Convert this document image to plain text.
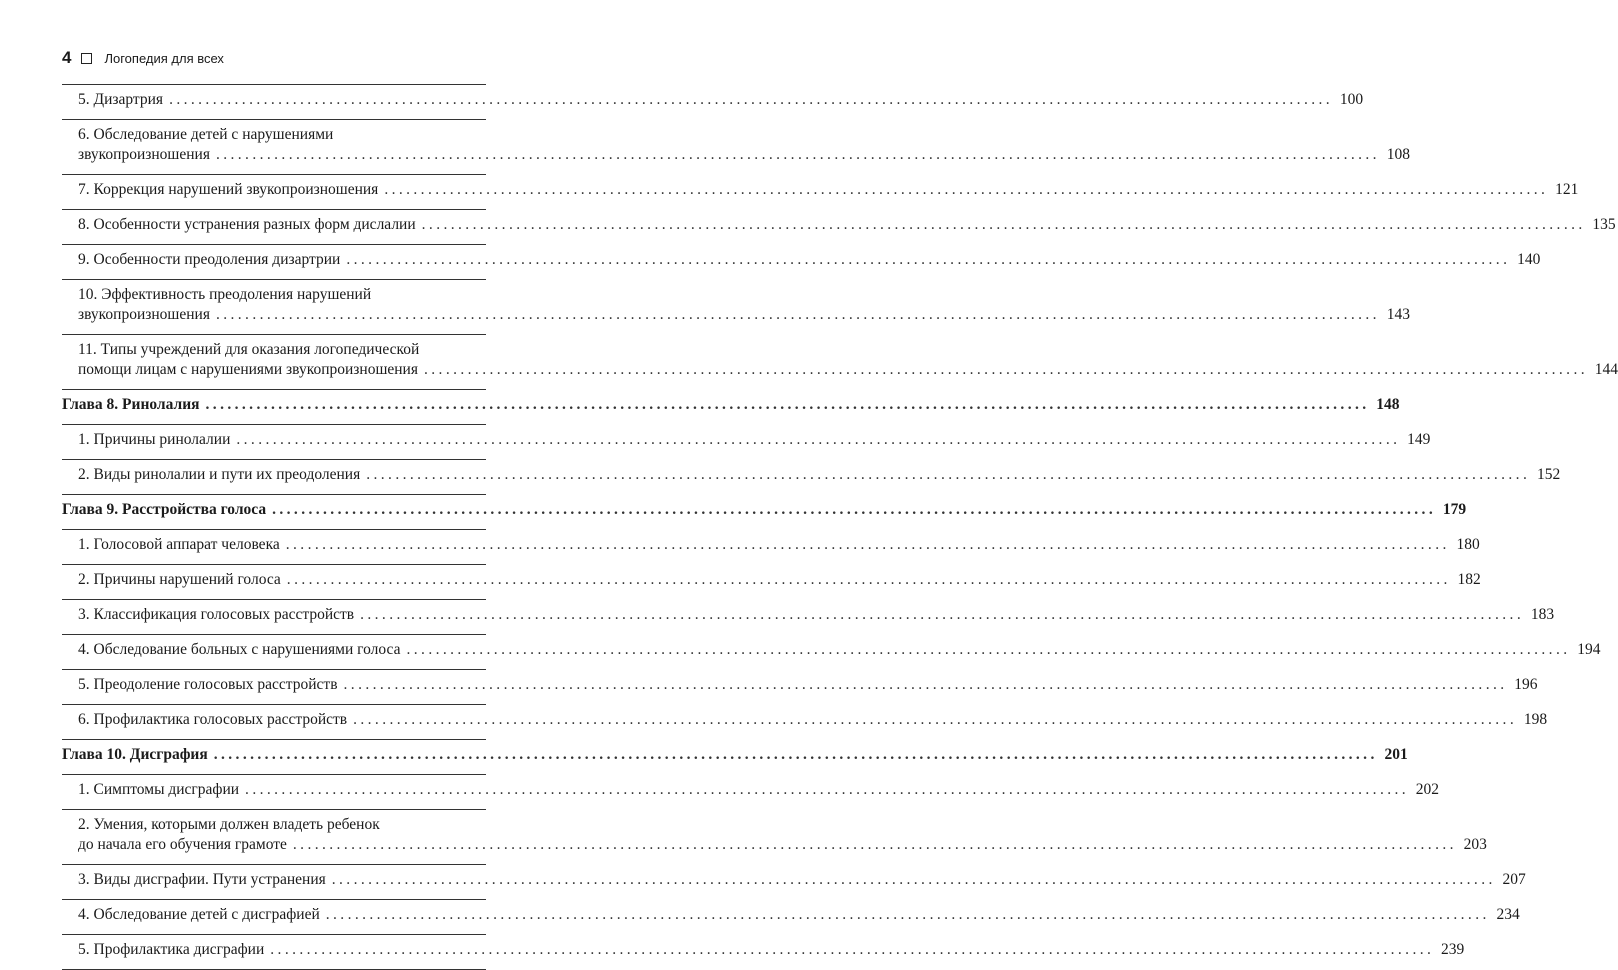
4	Логопедия для всех
5. Дизартрия ................................................................................................................................................................ 100
6. Обследование детей с нарушениями
звукопроизношения ................................................................................................................................................................ 108
7. Коррекция нарушений звукопроизношения ................................................................................................................................................................ 121
8. Особенности устранения разных форм дислалии ................................................................................................................................................................ 135
9. Особенности преодоления дизартрии ................................................................................................................................................................ 140
10. Эффективность преодоления нарушений
звукопроизношения ................................................................................................................................................................ 143
11. Типы учреждений для оказания логопедической
помощи лицам с нарушениями звукопроизношения ................................................................................................................................................................ 144
Глава 8. Ринолалия ................................................................................................................................................................ 148
1. Причины ринолалии ................................................................................................................................................................ 149
2. Виды ринолалии и пути их преодоления ................................................................................................................................................................ 152
Глава 9. Расстройства голоса ................................................................................................................................................................ 179
1. Голосовой аппарат человека ................................................................................................................................................................ 180
2. Причины нарушений голоса ................................................................................................................................................................ 182
3. Классификация голосовых расстройств ................................................................................................................................................................ 183
4. Обследование больных с нарушениями голоса ................................................................................................................................................................ 194
5. Преодоление голосовых расстройств ................................................................................................................................................................ 196
6. Профилактика голосовых расстройств ................................................................................................................................................................ 198
Глава 10. Дисграфия ................................................................................................................................................................ 201
1. Симптомы дисграфии ................................................................................................................................................................ 202
2. Умения, которыми должен владеть ребенок
до начала его обучения грамоте ................................................................................................................................................................ 203
3. Виды дисграфии. Пути устранения ................................................................................................................................................................ 207
4. Обследование детей с дисграфией ................................................................................................................................................................ 234
5. Профилактика дисграфии ................................................................................................................................................................ 239
